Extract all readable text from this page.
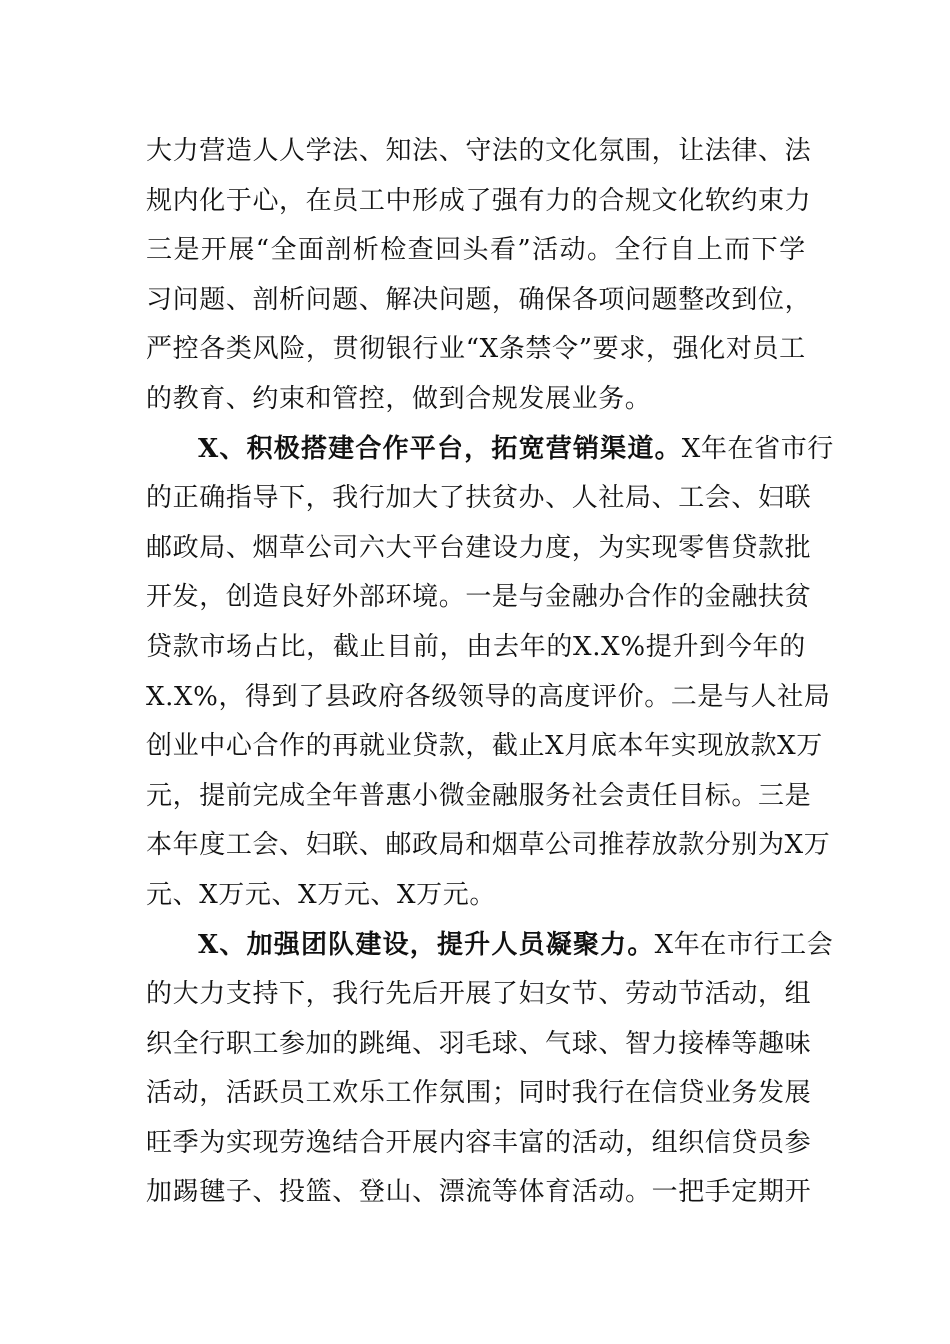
大 力 营 造 人 人 学 法 、 知 法 、 守 法 的 文 化 氛 围 ， 让 法 律 、 法
规 内 化 于 心 ， 在 员 工 中 形 成 了 强 有 力 的 合 规 文 化 软 约 束 力
三 是 开 展 “ 全 面 剖 析 检 查 回 头 看 ” 活 动 。 全 行 自 上 而 下 学
习 问 题 、 剖 析 问 题 、 解 决 问 题 ， 确 保 各 项 问 题 整 改 到 位 ，
严 控 各 类 风 险 ， 贯 彻 银 行 业 “ X 条 禁 令 ” 要 求 ， 强 化 对 员 工
的教育、约束和管控，做到合规发展业务。
X、积极搭建合作平台，拓宽营销渠道。 X年在省市行
的 正 确 指 导 下 ， 我 行 加 大 了 扶 贫 办 、 人 社 局 、 工 会 、 妇 联
邮 政 局 、 烟 草 公 司 六 大 平 台 建 设 力 度 ， 为 实 现 零 售 贷 款 批
开 发 ， 创 造 良 好 外 部 环 境 。 一 是 与 金 融 办 合 作 的 金 融 扶 贫
贷 款 市 场 占 比 ， 截 止 目 前 ， 由 去 年 的 X . X % 提 升 到 今 年 的
X . X % ， 得 到 了 县 政 府 各 级 领 导 的 高 度 评 价 。 二 是 与 人 社 局
创 业 中 心 合 作 的 再 就 业 贷 款 ， 截 止 X 月 底 本 年 实 现 放 款 X 万
元 ， 提 前 完 成 全 年 普 惠 小 微 金 融 服 务 社 会 责 任 目 标 。 三 是
本 年 度 工 会 、 妇 联 、 邮 政 局 和 烟 草 公 司 推 荐 放 款 分 别 为 X 万
元、X万元、X万元、X万元。
X、加强团队建设，提升人员凝聚力。 X年在市行工会
的 大 力 支 持 下 ， 我 行 先 后 开 展 了 妇 女 节 、 劳 动 节 活 动 ， 组
织 全 行 职 工 参 加 的 跳 绳 、 羽 毛 球 、 气 球 、 智 力 接 棒 等 趣 味
活 动 ， 活 跃 员 工 欢 乐 工 作 氛 围 ； 同 时 我 行 在 信 贷 业 务 发 展
旺 季 为 实 现 劳 逸 结 合 开 展 内 容 丰 富 的 活 动 ， 组 织 信 贷 员 参
加 踢 毽 子 、 投 篮 、 登 山 、 漂 流 等 体 育 活 动 。 一 把 手 定 期 开
